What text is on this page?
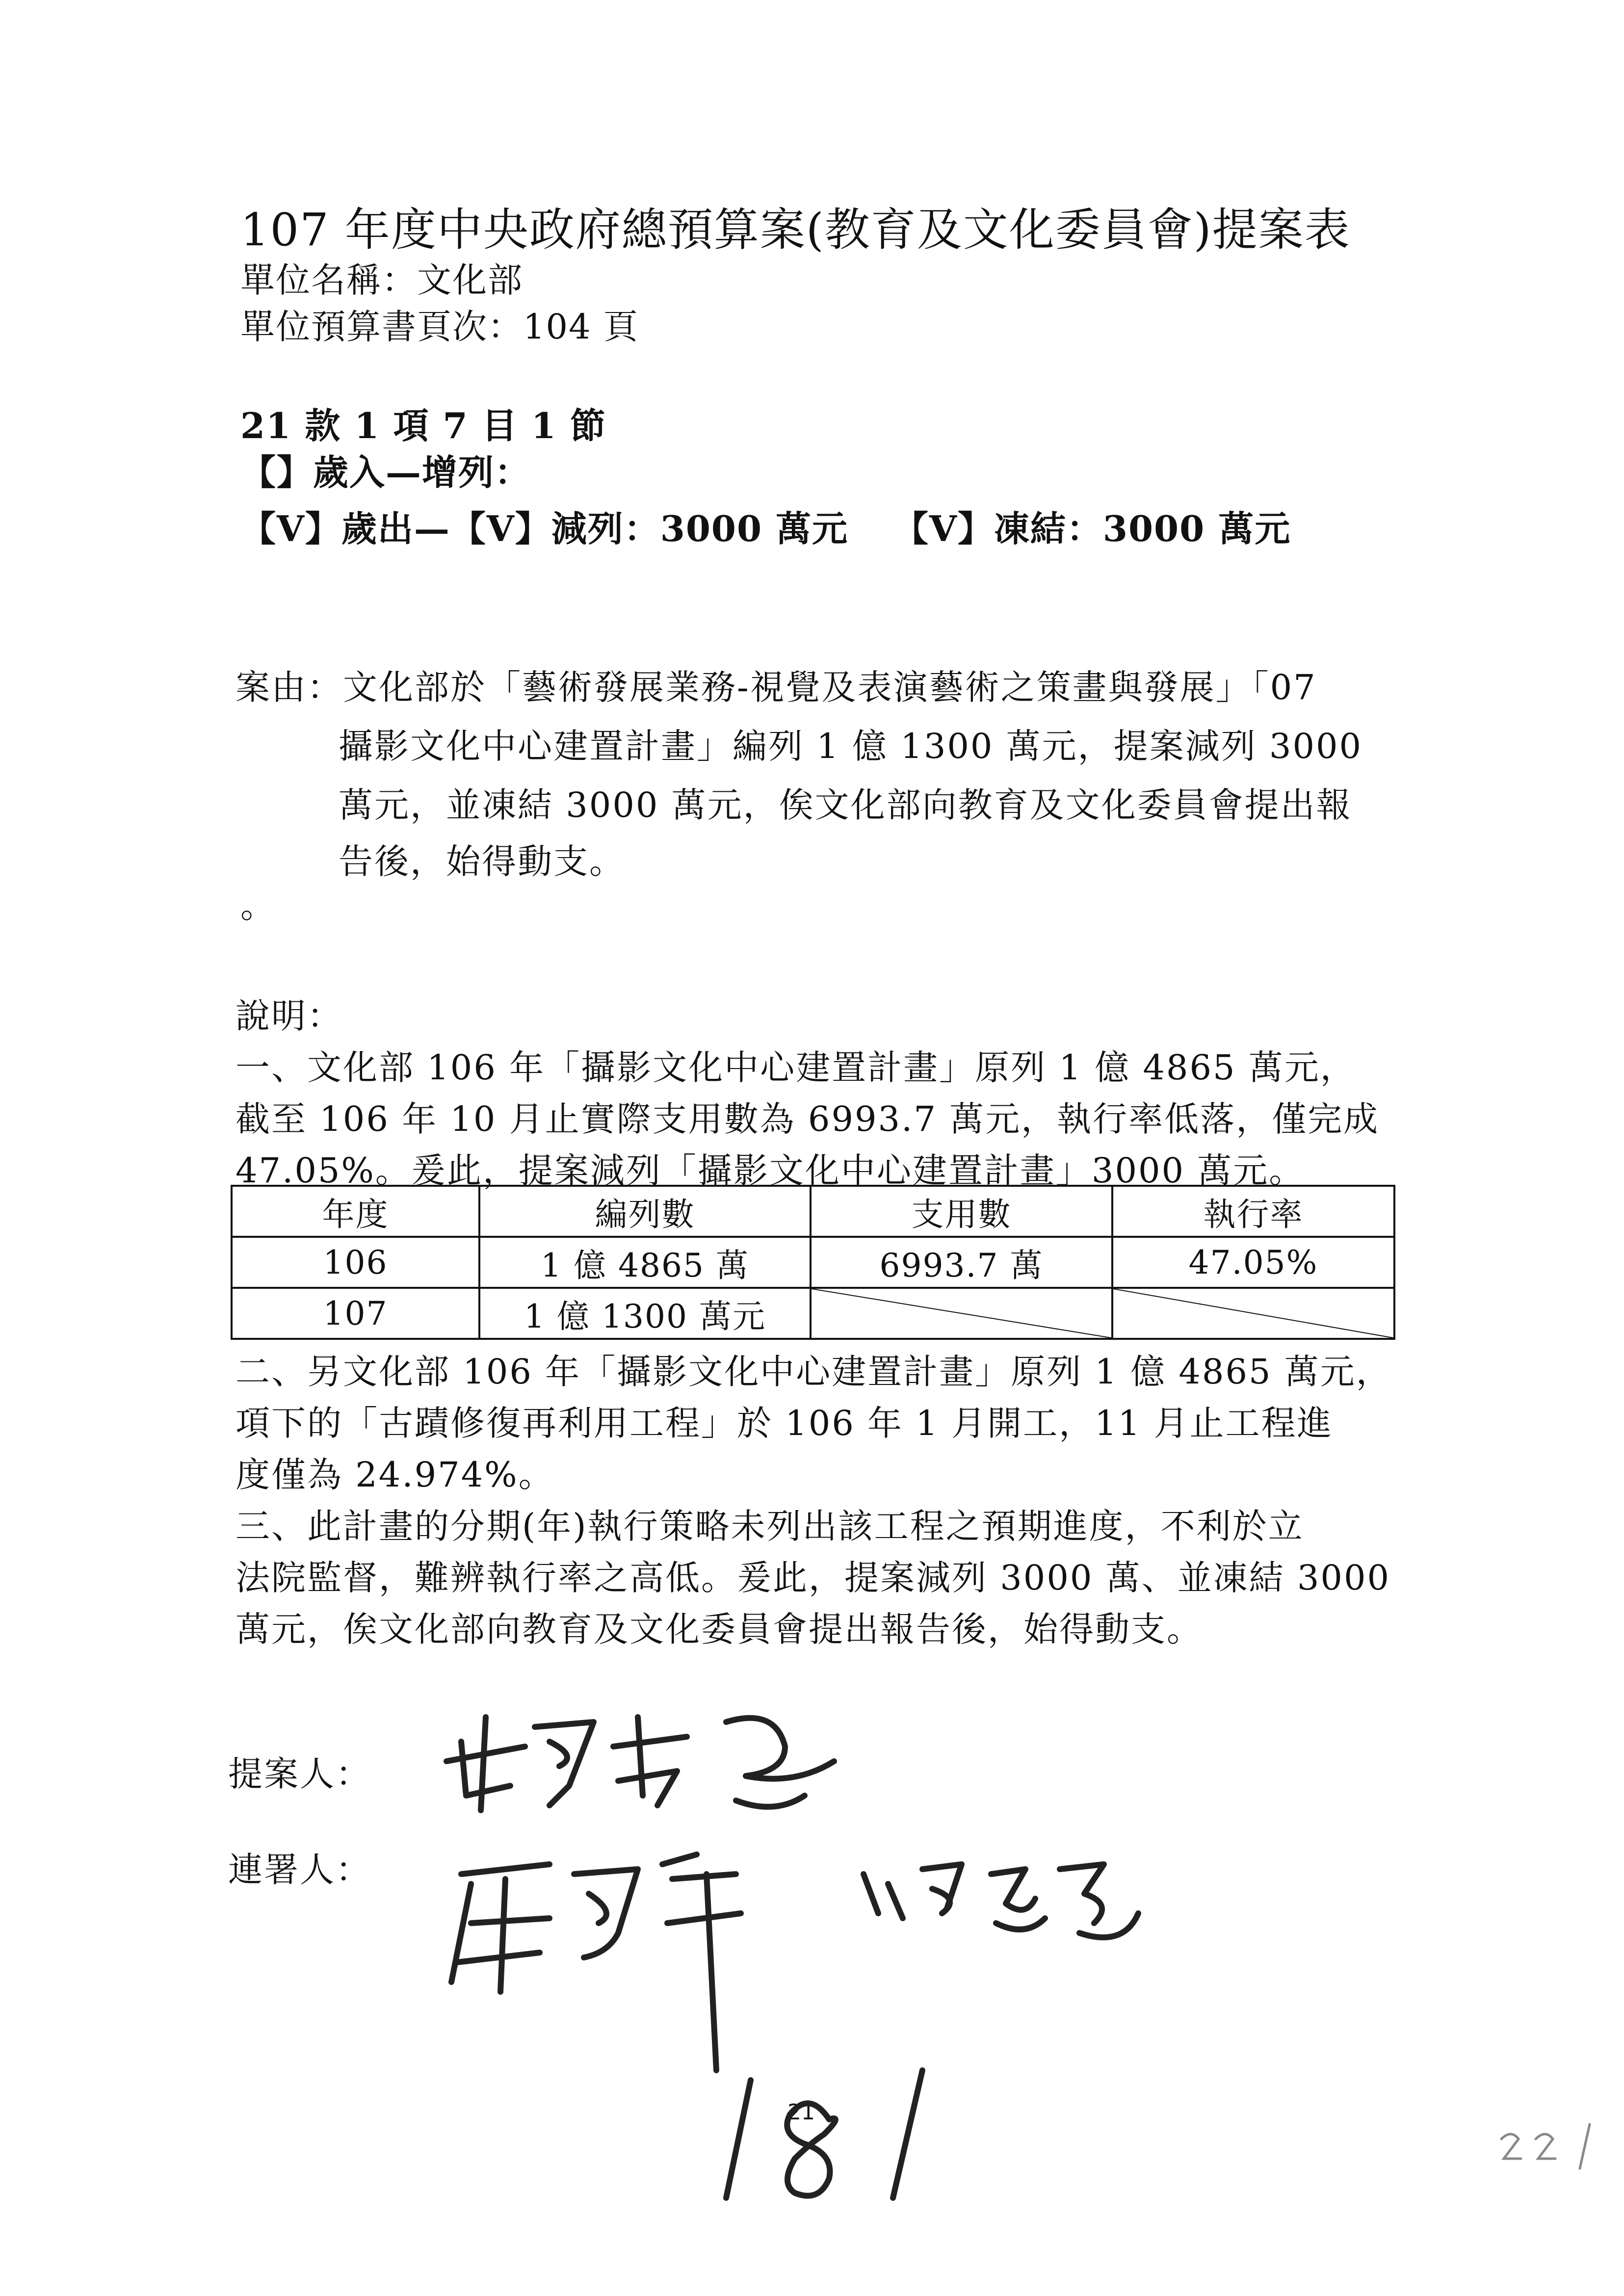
107 年度中央政府總預算案(教育及文化委員會)提案表
單位名稱：文化部
單位預算書頁次：104 頁
21 款 1 項 7 目 1 節
【】歲入—增列：
【V】歲出—【V】減列：3000 萬元 【V】凍結：3000 萬元
案由：文化部於「藝術發展業務-視覺及表演藝術之策畫與發展」「07
攝影文化中心建置計畫」編列 1 億 1300 萬元，提案減列 3000
萬元，並凍結 3000 萬元，俟文化部向教育及文化委員會提出報
告後，始得動支。
。
說明：
一、文化部 106 年「攝影文化中心建置計畫」原列 1 億 4865 萬元，
截至 106 年 10 月止實際支用數為 6993.7 萬元，執行率低落，僅完成
47.05%。爰此，提案減列「攝影文化中心建置計畫」3000 萬元。
年度	編列數	支用數	執行率
106	1 億 4865 萬	6993.7 萬	47.05%
107	1 億 1300 萬元	

二、另文化部 106 年「攝影文化中心建置計畫」原列 1 億 4865 萬元，
項下的「古蹟修復再利用工程」於 106 年 1 月開工，11 月止工程進
度僅為 24.974%。
三、此計畫的分期(年)執行策略未列出該工程之預期進度，不利於立
法院監督，難辨執行率之高低。爰此，提案減列 3000 萬、並凍結 3000
萬元，俟文化部向教育及文化委員會提出報告後，始得動支。
提案人：
連署人：
21
